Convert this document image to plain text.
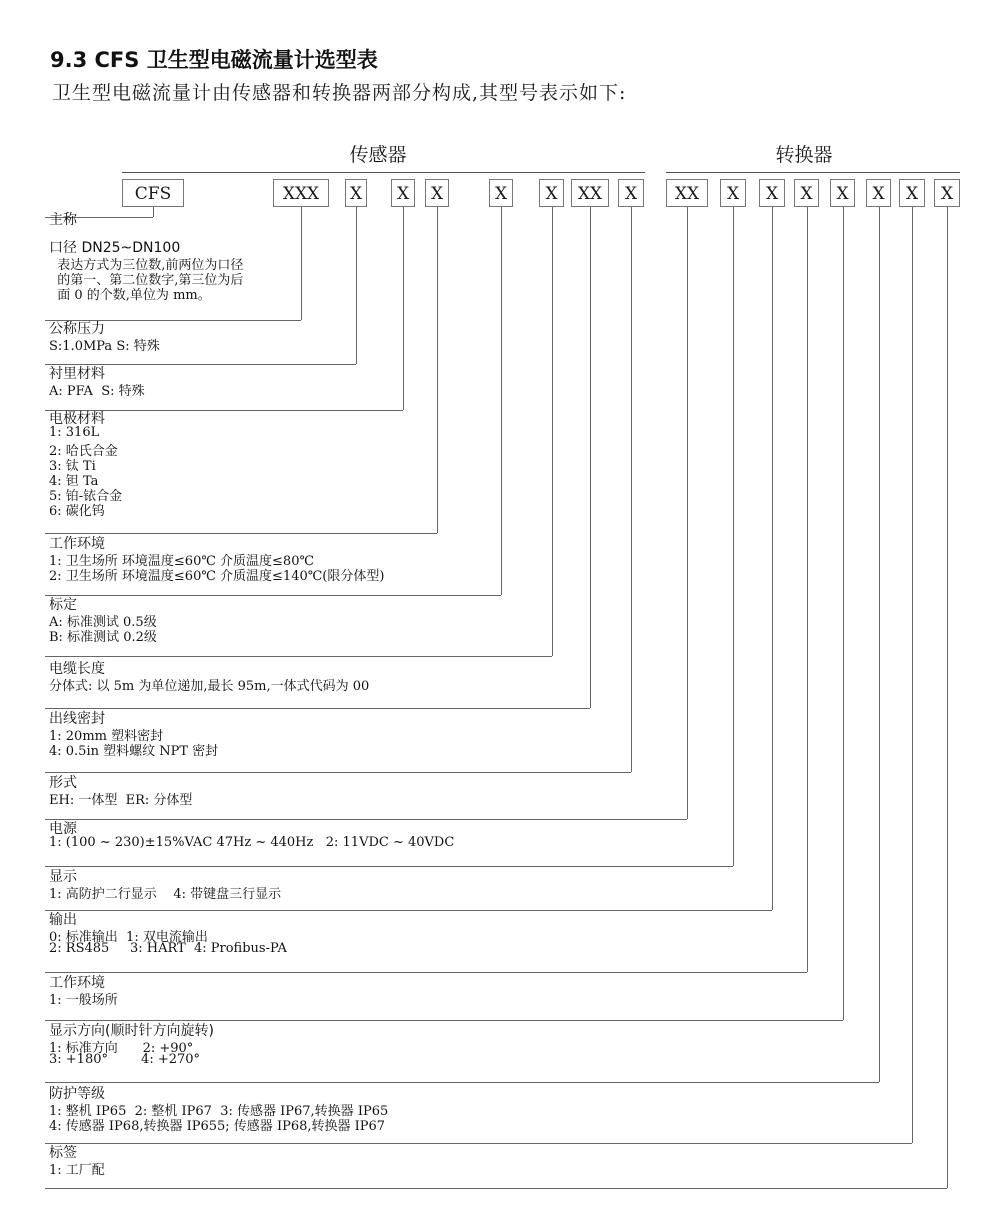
9.3 CFS 卫生型电磁流量计选型表
卫生型电磁流量计由传感器和转换器两部分构成,其型号表示如下:
传感器	转换器
CFS	XXX	X	X	X	X	X	XX	X	XX	X	X	X	X	X	X	X
主称
口径 DN25~DN100
表达方式为三位数,前两位为口径
的第一、第二位数字,第三位为后
面 0 的个数,单位为 mm。
公称压力
S:1.0MPa S: 特殊
衬里材料
A: PFA  S: 特殊
电极材料
1: 316L
2: 哈氏合金
3: 钛 Ti
4: 钽 Ta
5: 铂-铱合金
6: 碳化钨
工作环境
1: 卫生场所 环境温度≤60℃ 介质温度≤80℃
2: 卫生场所 环境温度≤60℃ 介质温度≤140℃(限分体型)
标定
A: 标准测试 0.5级
B: 标准测试 0.2级
电缆长度
分体式: 以 5m 为单位递加,最长 95m,一体式代码为 00
出线密封
1: 20mm 塑料密封
4: 0.5in 塑料螺纹 NPT 密封
形式
EH: 一体型  ER: 分体型
电源
1: (100 ~ 230)±15%VAC 47Hz ~ 440Hz   2: 11VDC ~ 40VDC
显示
1: 高防护二行显示    4: 带键盘三行显示
输出
0: 标准输出  1: 双电流输出
2: RS485     3: HART  4: Profibus-PA
工作环境
1: 一般场所
显示方向(顺时针方向旋转)
1: 标准方向      2: +90°
3: +180°        4: +270°
防护等级
1: 整机 IP65  2: 整机 IP67  3: 传感器 IP67,转换器 IP65
4: 传感器 IP68,转换器 IP655; 传感器 IP68,转换器 IP67
标签
1: 工厂配
